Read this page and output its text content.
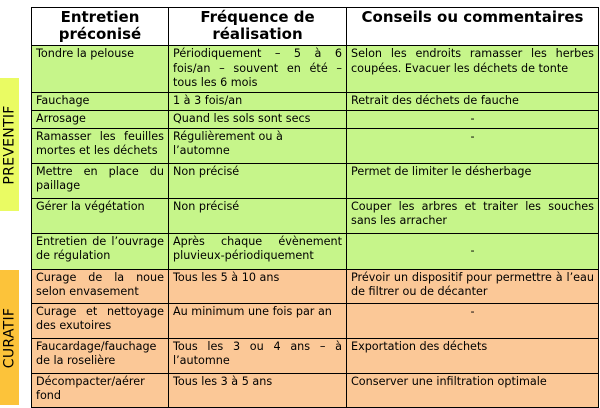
PREVENTIF
CURATIF
Entretien préconisé	Fréquence de réalisation	Conseils ou commentaires
Tondre la pelouse	Périodiquement – 5 à 6 fois/an – souvent en été – tous les 6 mois	Selon les endroits ramasser les herbes coupées. Evacuer les déchets de tonte
Fauchage	1 à 3 fois/an	Retrait des déchets de fauche
Arrosage	Quand les sols sont secs	-
Ramasser les feuilles mortes et les déchets	Régulièrement ou à l’automne	-
Mettre en place du paillage	Non précisé	Permet de limiter le désherbage
Gérer la végétation	Non précisé	Couper les arbres et traiter les souches sans les arracher
Entretien de l’ouvrage de régulation	Après chaque évènement pluvieux-périodiquement	-
Curage de la noue selon envasement	Tous les 5 à 10 ans	Prévoir un dispositif pour permettre à l’eau de filtrer ou de décanter
Curage et nettoyage des exutoires	Au minimum une fois par an	-
Faucardage/fauchage de la roselière	Tous les 3 ou 4 ans – à l’automne	Exportation des déchets
Décompacter/aérer fond	Tous les 3 à 5 ans	Conserver une infiltration optimale
